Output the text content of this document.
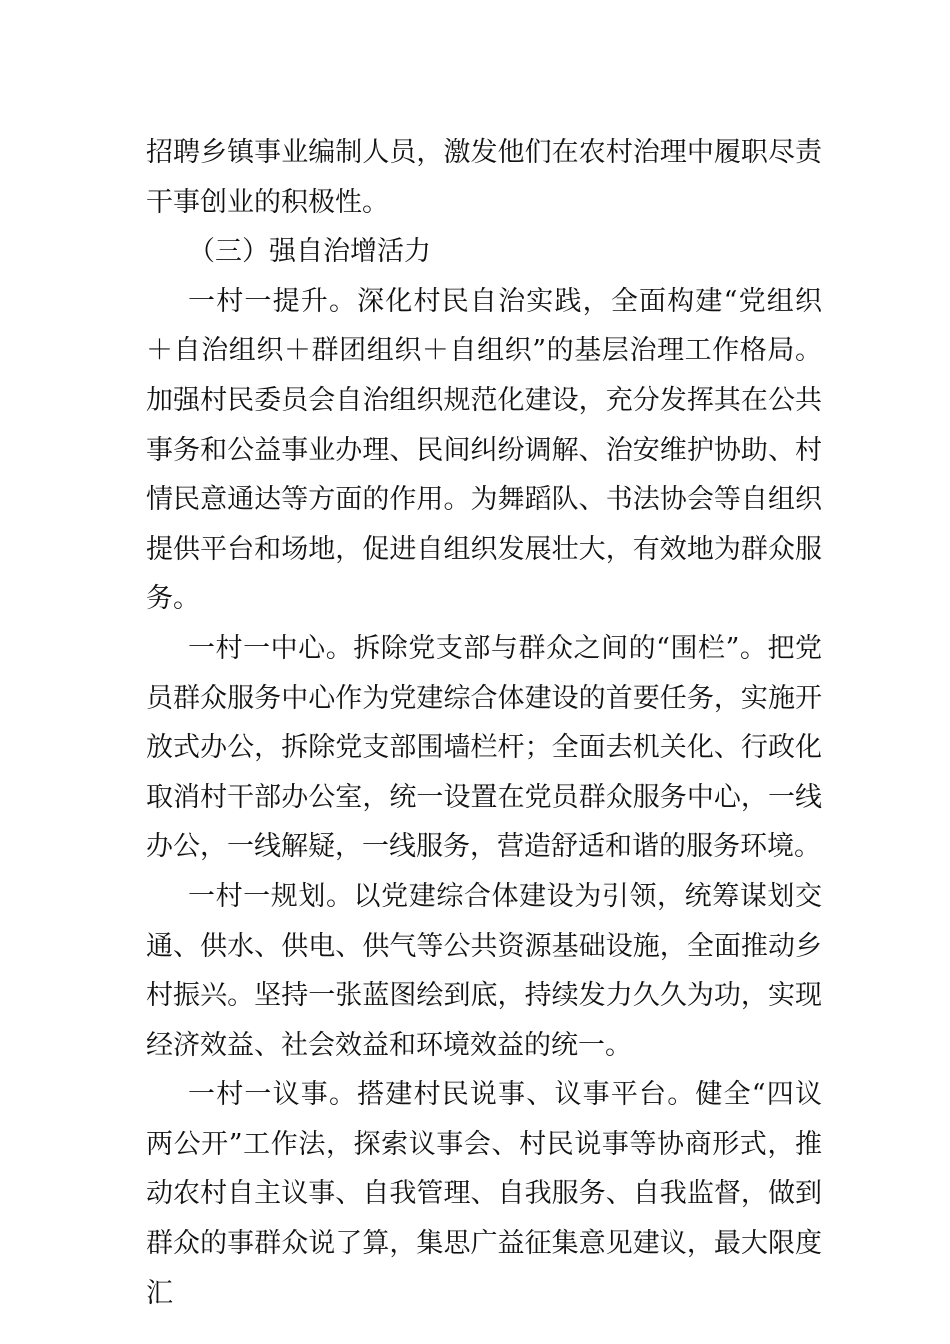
招聘乡镇事业编制人员，激发他们在农村治理中履职尽责干事创业的积极性。

（三）强自治增活力

一村一提升。深化村民自治实践，全面构建“党组织＋自治组织＋群团组织＋自组织”的基层治理工作格局。加强村民委员会自治组织规范化建设，充分发挥其在公共事务和公益事业办理、民间纠纷调解、治安维护协助、村情民意通达等方面的作用。为舞蹈队、书法协会等自组织提供平台和场地，促进自组织发展壮大，有效地为群众服务。

一村一中心。拆除党支部与群众之间的“围栏”。把党员群众服务中心作为党建综合体建设的首要任务，实施开放式办公，拆除党支部围墙栏杆；全面去机关化、行政化取消村干部办公室，统一设置在党员群众服务中心，一线办公，一线解疑，一线服务，营造舒适和谐的服务环境。

一村一规划。以党建综合体建设为引领，统筹谋划交通、供水、供电、供气等公共资源基础设施，全面推动乡村振兴。坚持一张蓝图绘到底，持续发力久久为功，实现经济效益、社会效益和环境效益的统一。

一村一议事。搭建村民说事、议事平台。健全“四议两公开”工作法，探索议事会、村民说事等协商形式，推动农村自主议事、自我管理、自我服务、自我监督，做到群众的事群众说了算，集思广益征集意见建议，最大限度汇
